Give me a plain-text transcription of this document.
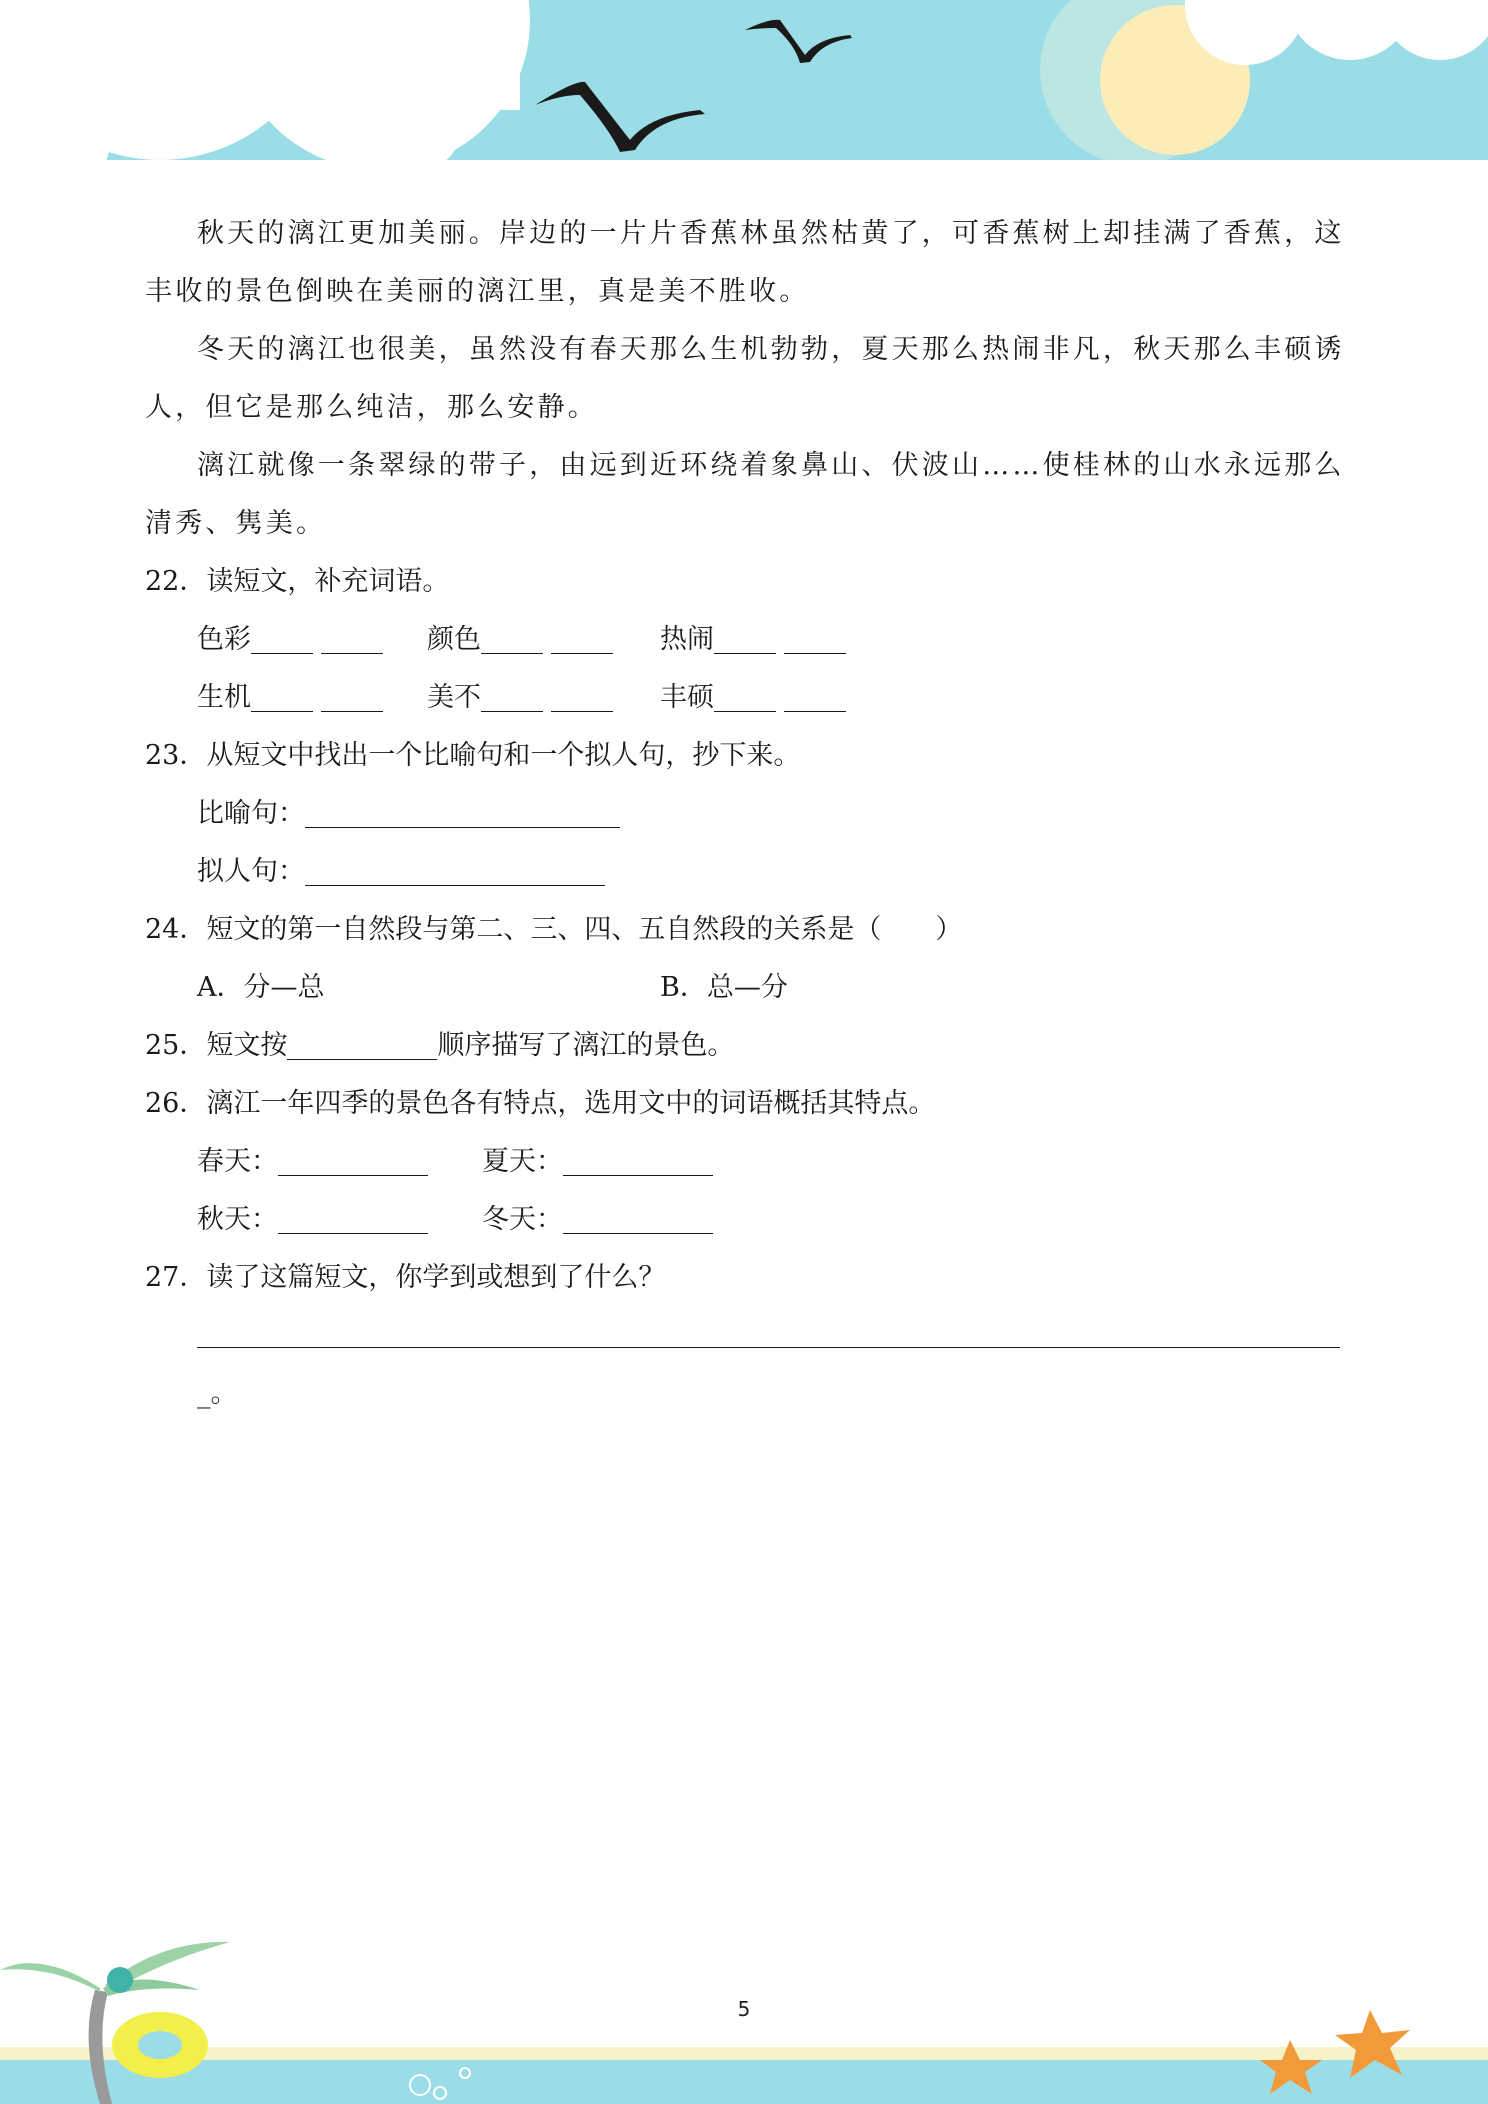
秋天的漓江更加美丽。岸边的一片片香蕉林虽然枯黄了，可香蕉树上却挂满了香蕉，这
丰收的景色倒映在美丽的漓江里，真是美不胜收。
冬天的漓江也很美，虽然没有春天那么生机勃勃，夏天那么热闹非凡，秋天那么丰硕诱
人，但它是那么纯洁，那么安静。
漓江就像一条翠绿的带子，由远到近环绕着象鼻山、伏波山……使桂林的山水永远那么
清秀、隽美。
22．读短文，补充词语。
色彩	颜色	热闹
生机	美不	丰硕
23．从短文中找出一个比喻句和一个拟人句，抄下来。
比喻句：
拟人句：
24．短文的第一自然段与第二、三、四、五自然段的关系是（　　）
A．分—总	B．总—分
25．短文按	顺序描写了漓江的景色。
26．漓江一年四季的景色各有特点，选用文中的词语概括其特点。
春天：	夏天：
秋天：	冬天：
27．读了这篇短文，你学到或想到了什么？
_。
5
